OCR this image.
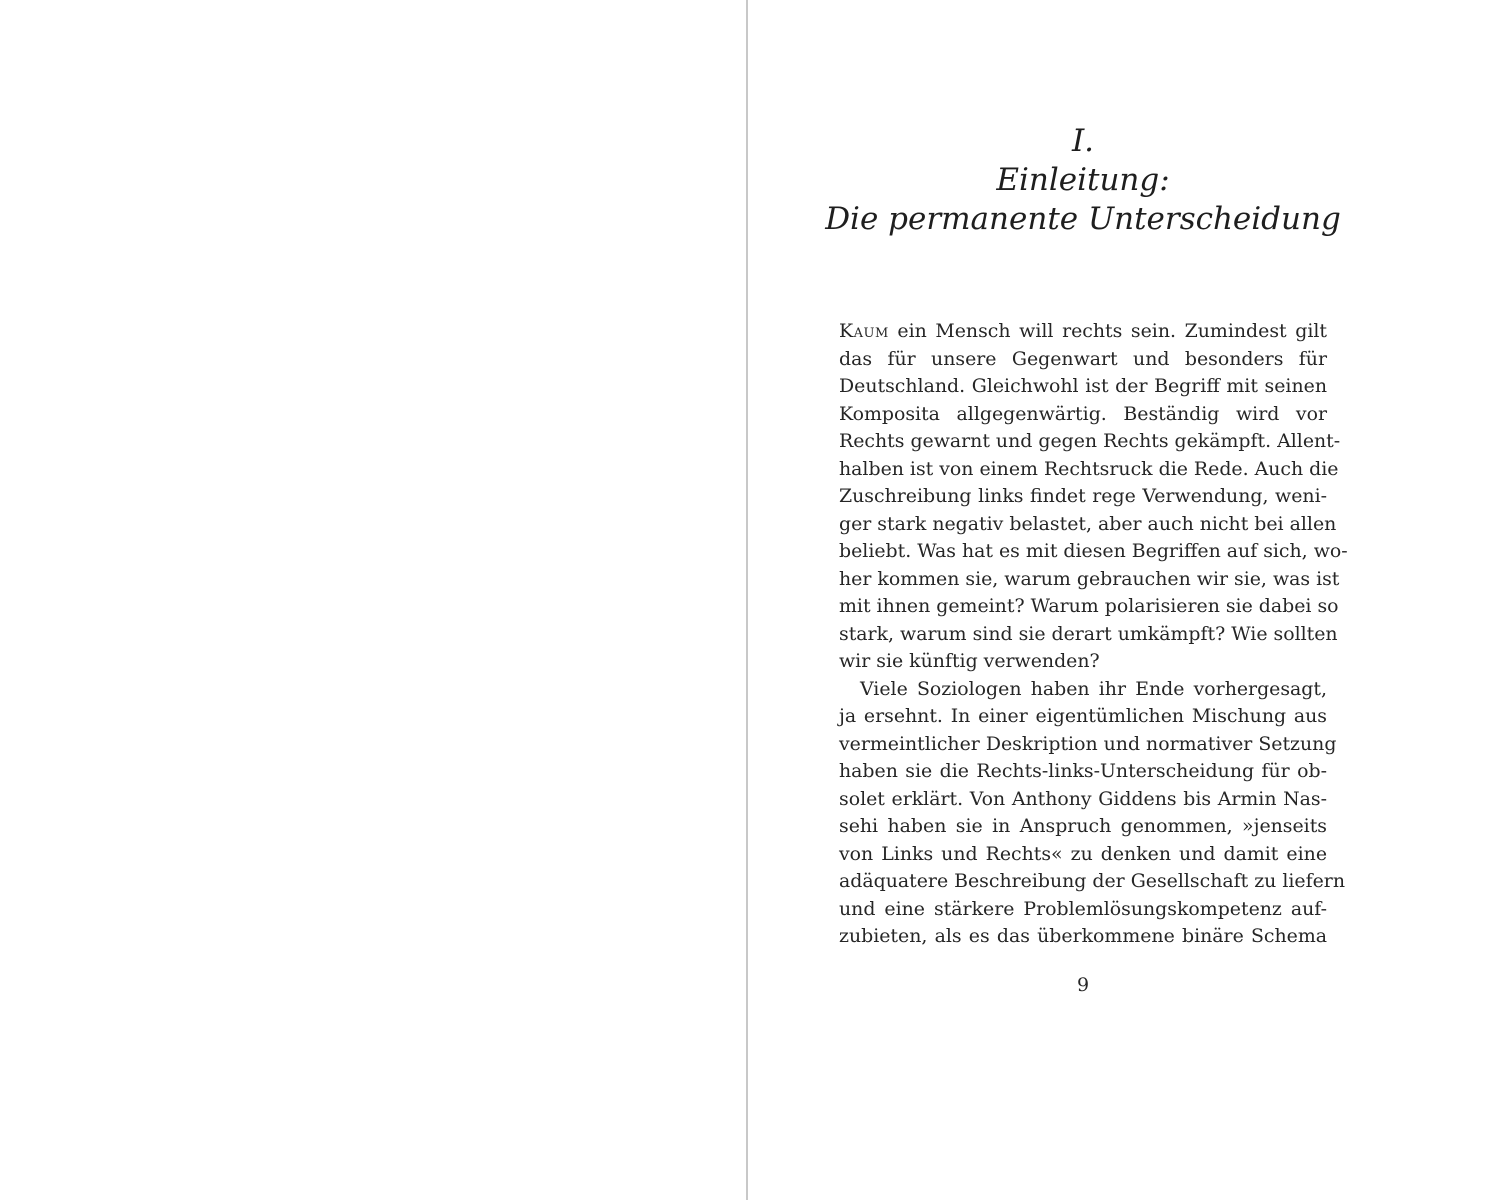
I.
Einleitung:
Die permanente Unterscheidung
Kaum ein Mensch will rechts sein. Zumindest gilt
das für unsere Gegenwart und besonders für
Deutschland. Gleichwohl ist der Begriff mit seinen
Komposita allgegenwärtig. Beständig wird vor
Rechts gewarnt und gegen Rechts gekämpft. Allent-
halben ist von einem Rechtsruck die Rede. Auch die
Zuschreibung links findet rege Verwendung, weni-
ger stark negativ belastet, aber auch nicht bei allen
beliebt. Was hat es mit diesen Begriffen auf sich, wo-
her kommen sie, warum gebrauchen wir sie, was ist
mit ihnen gemeint? Warum polarisieren sie dabei so
stark, warum sind sie derart umkämpft? Wie sollten
wir sie künftig verwenden?
Viele Soziologen haben ihr Ende vorhergesagt,
ja ersehnt. In einer eigentümlichen Mischung aus
vermeintlicher Deskription und normativer Setzung
haben sie die Rechts-links-Unterscheidung für ob-
solet erklärt. Von Anthony Giddens bis Armin Nas-
sehi haben sie in Anspruch genommen, »jenseits
von Links und Rechts« zu denken und damit eine
adäquatere Beschreibung der Gesellschaft zu liefern
und eine stärkere Problemlösungskompetenz auf-
zubieten, als es das überkommene binäre Schema
9
